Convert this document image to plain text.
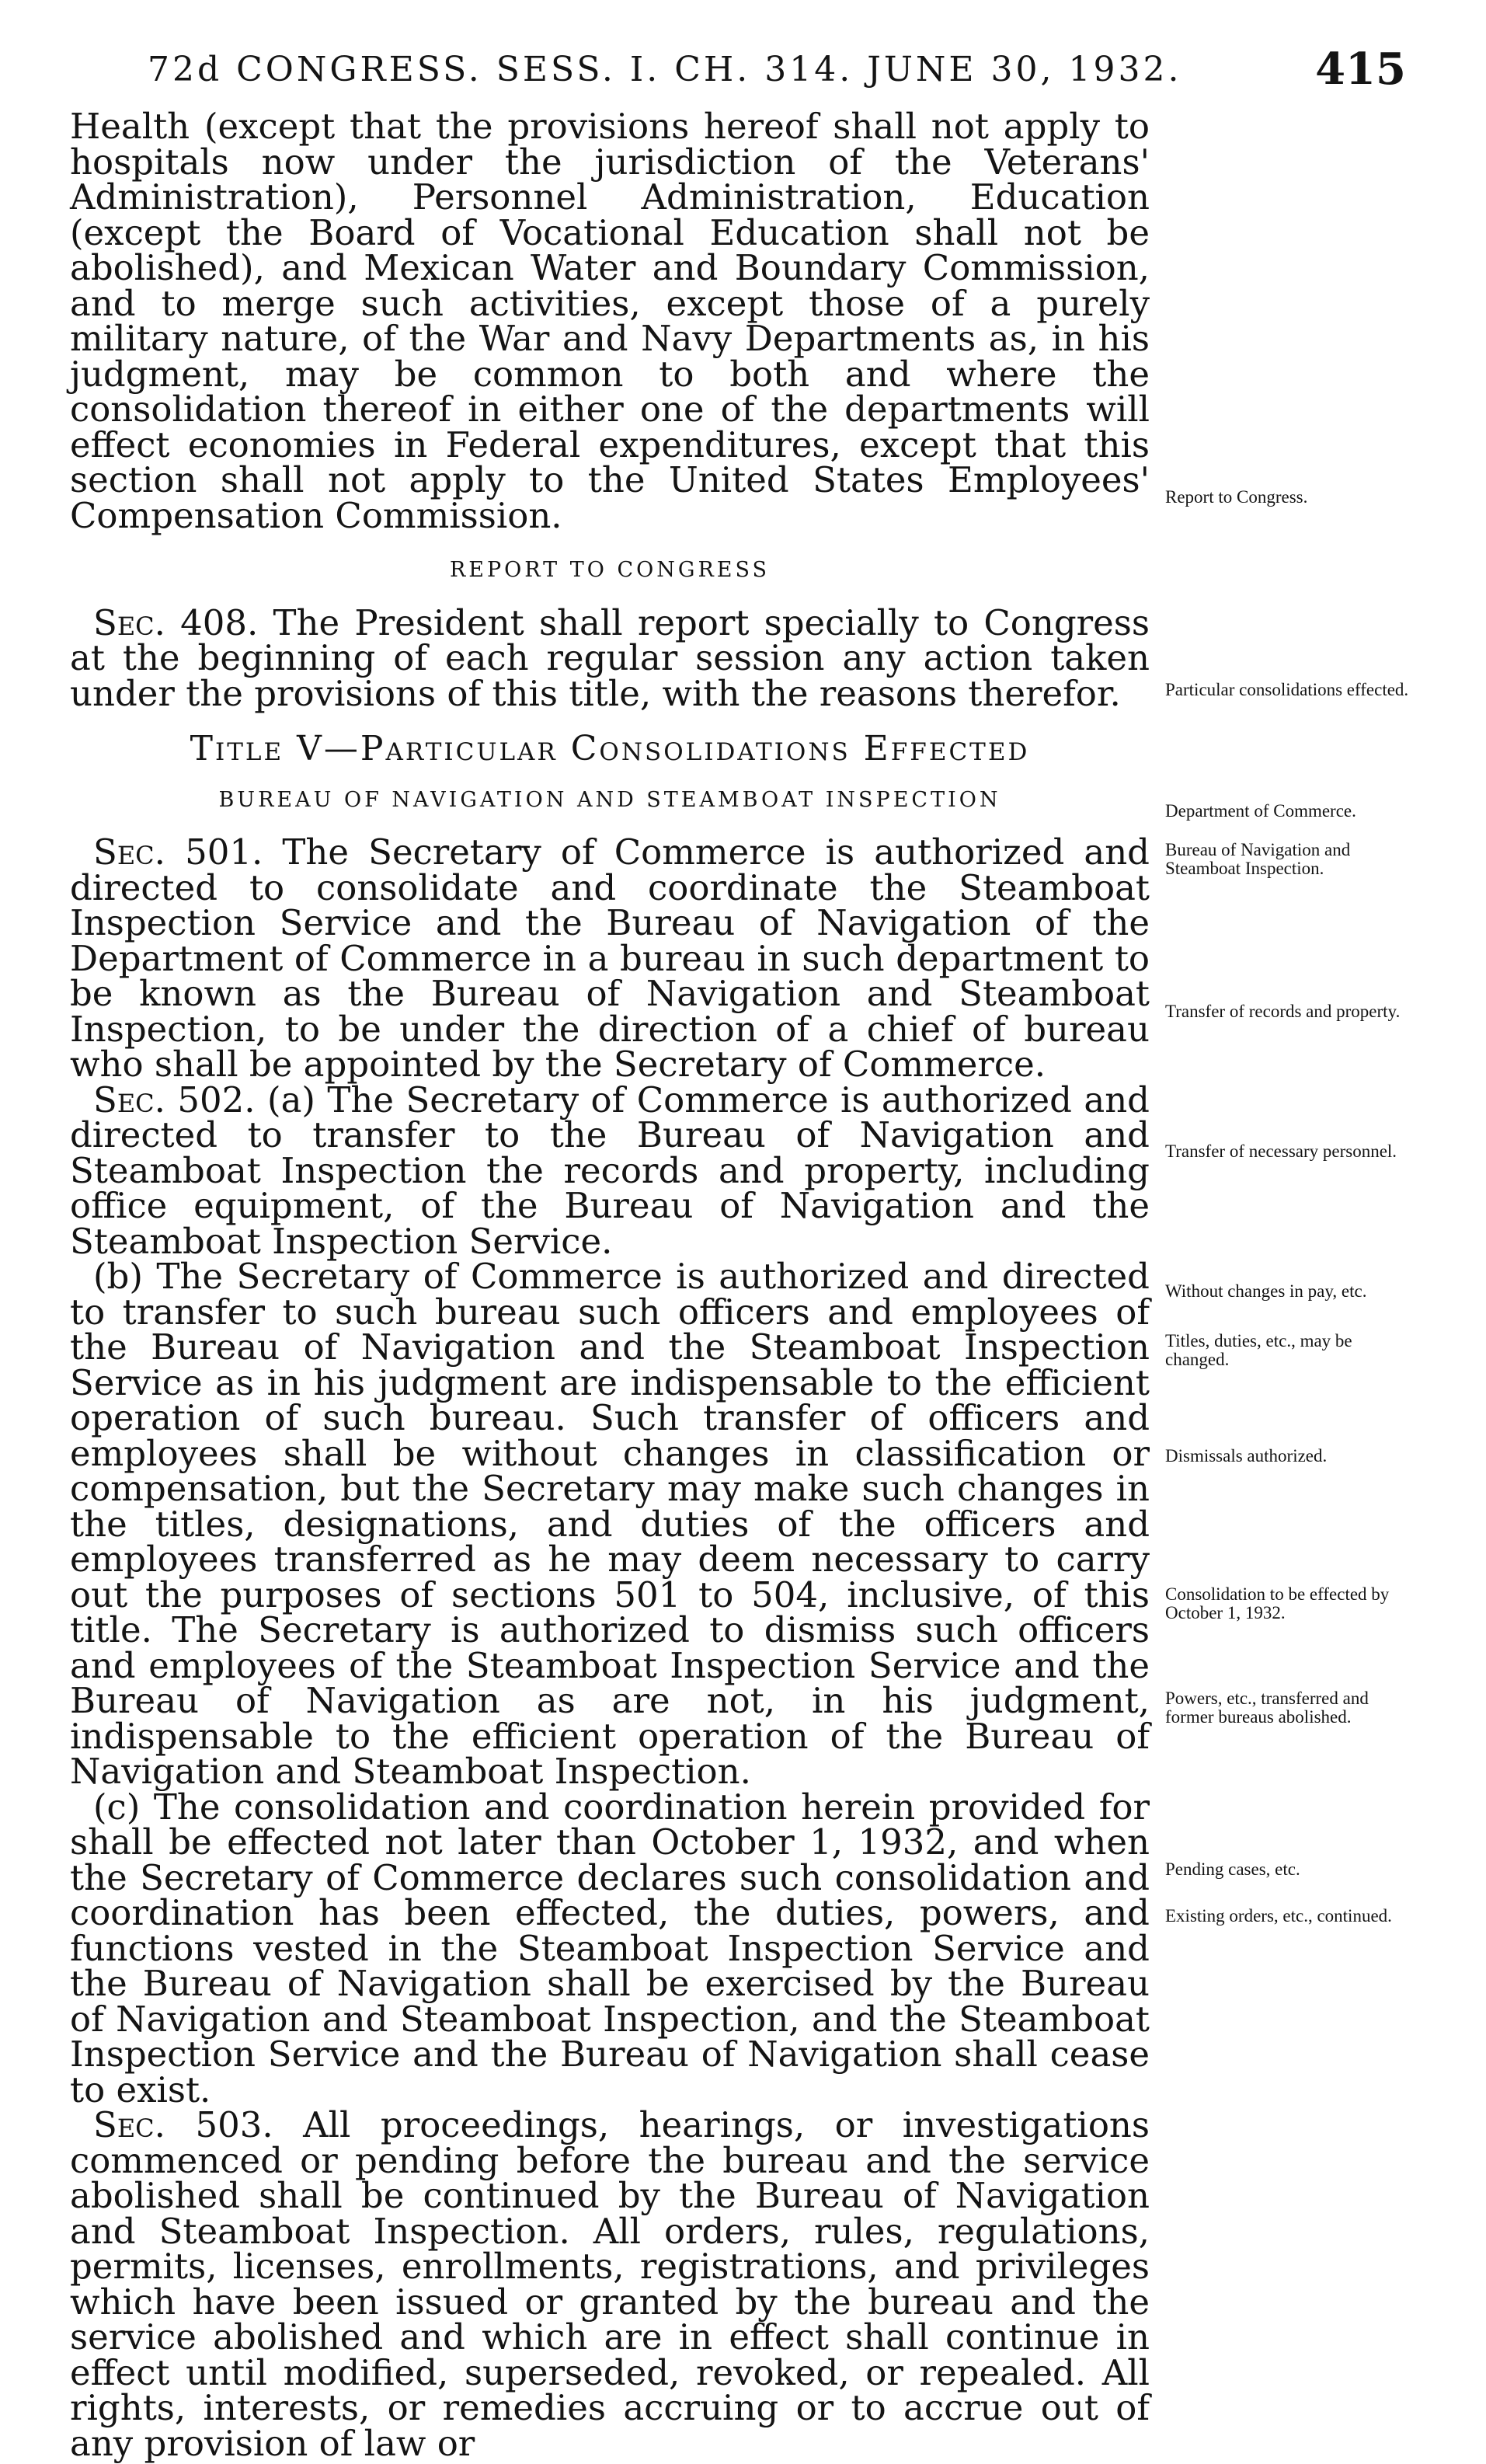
72d CONGRESS. SESS. I. CH. 314. JUNE 30, 1932.	415

Health (except that the provisions hereof shall not apply to hospitals now under the jurisdiction of the Veterans' Administration), Personnel Administration, Education (except the Board of Vocational Education shall not be abolished), and Mexican Water and Boundary Commission, and to merge such activities, except those of a purely military nature, of the War and Navy Departments as, in his judgment, may be common to both and where the consolidation thereof in either one of the departments will effect economies in Federal expenditures, except that this section shall not apply to the United States Employees' Compensation Commission.

REPORT TO CONGRESS

Sec. 408. The President shall report specially to Congress at the beginning of each regular session any action taken under the provisions of this title, with the reasons therefor.

Title V—Particular Consolidations Effected

BUREAU OF NAVIGATION AND STEAMBOAT INSPECTION

Sec. 501. The Secretary of Commerce is authorized and directed to consolidate and coordinate the Steamboat Inspection Service and the Bureau of Navigation of the Department of Commerce in a bureau in such department to be known as the Bureau of Navigation and Steamboat Inspection, to be under the direction of a chief of bureau who shall be appointed by the Secretary of Commerce.

Sec. 502. (a) The Secretary of Commerce is authorized and directed to transfer to the Bureau of Navigation and Steamboat Inspection the records and property, including office equipment, of the Bureau of Navigation and the Steamboat Inspection Service.

(b) The Secretary of Commerce is authorized and directed to transfer to such bureau such officers and employees of the Bureau of Navigation and the Steamboat Inspection Service as in his judgment are indispensable to the efficient operation of such bureau. Such transfer of officers and employees shall be without changes in classification or compensation, but the Secretary may make such changes in the titles, designations, and duties of the officers and employees transferred as he may deem necessary to carry out the purposes of sections 501 to 504, inclusive, of this title. The Secretary is authorized to dismiss such officers and employees of the Steamboat Inspection Service and the Bureau of Navigation as are not, in his judgment, indispensable to the efficient operation of the Bureau of Navigation and Steamboat Inspection.

(c) The consolidation and coordination herein provided for shall be effected not later than October 1, 1932, and when the Secretary of Commerce declares such consolidation and coordination has been effected, the duties, powers, and functions vested in the Steamboat Inspection Service and the Bureau of Navigation shall be exercised by the Bureau of Navigation and Steamboat Inspection, and the Steamboat Inspection Service and the Bureau of Navigation shall cease to exist.

Sec. 503. All proceedings, hearings, or investigations commenced or pending before the bureau and the service abolished shall be continued by the Bureau of Navigation and Steamboat Inspection. All orders, rules, regulations, permits, licenses, enrollments, registrations, and privileges which have been issued or granted by the bureau and the service abolished and which are in effect shall continue in effect until modified, superseded, revoked, or repealed. All rights, interests, or remedies accruing or to accrue out of any provision of law or

Report to Congress.
Particular consolidations effected.
Department of Commerce.
Bureau of Navigation and Steamboat Inspection.
Transfer of records and property.
Transfer of necessary personnel.
Without changes in pay, etc.
Titles, duties, etc., may be changed.
Dismissals authorized.
Consolidation to be effected by October 1, 1932.
Powers, etc., transferred and former bureaus abolished.
Pending cases, etc.
Existing orders, etc., continued.
